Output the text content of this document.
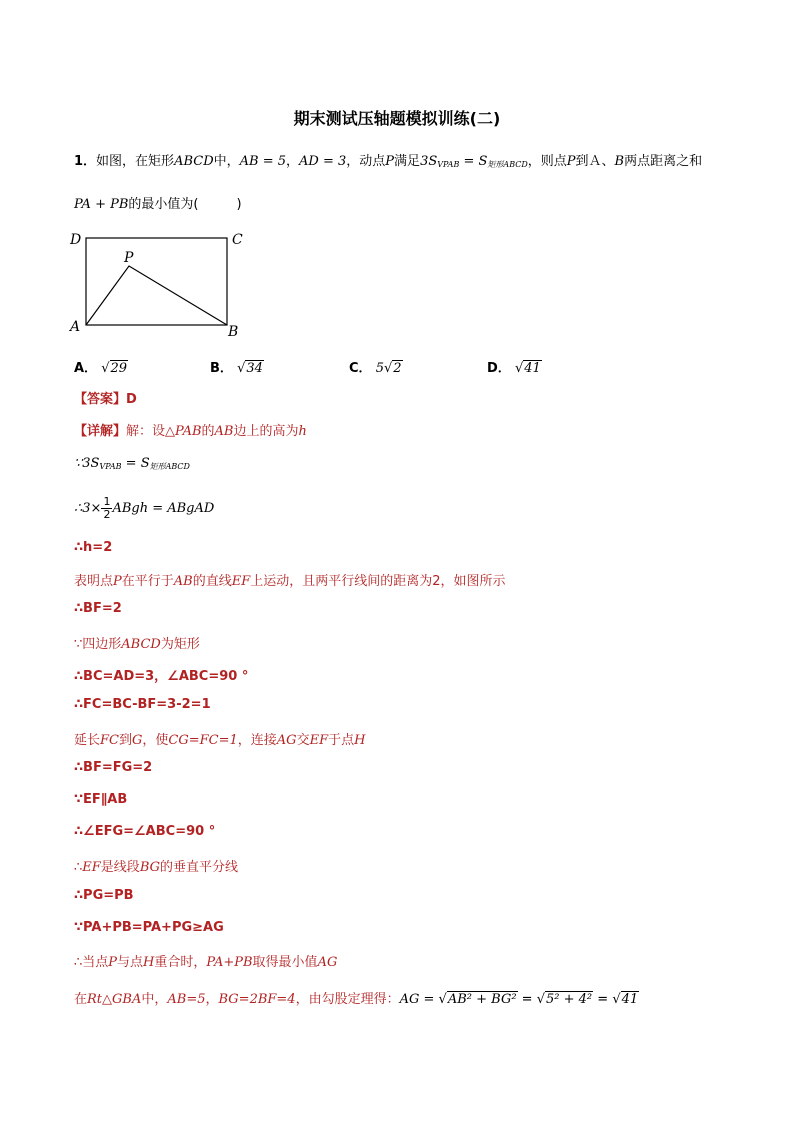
期末测试压轴题模拟训练(二)
1．如图，在矩形ABCD中，AB = 5，AD = 3，动点P满足$3S_{VPAB} = S_{矩形ABCD}$，则点P到Ａ、B两点距离之和
PA + PB的最小值为(	)
D	C
P
A	B
A． √29	B． √34	C． 5√2	D． √41
【答案】D
【详解】解：设△PAB的AB边上的高为h
$\because 3S_{VPAB} = S_{矩形ABCD}$
∴3× $\frac{1}{2}$ ABgh = ABgAD
∴h=2
表明点P在平行于AB的直线EF上运动，且两平行线间的距离为2，如图所示
∴BF=2
∵四边形ABCD为矩形
∴BC=AD=3，∠ABC=90 °
∴FC=BC-BF=3-2=1
延长FC到G，使CG=FC=1，连接AG交EF于点H
∴BF=FG=2
∵EF∥AB
∴∠EFG=∠ABC=90 °
∴EF是线段BG的垂直平分线
∴PG=PB
∵PA+PB=PA+PG≥AG
∴当点P与点H重合时，PA+PB取得最小值AG
在Rt△GBA中，AB=5，BG=2BF=4，由勾股定理得：AG = √AB² + BG² = √5² + 4² = √41
